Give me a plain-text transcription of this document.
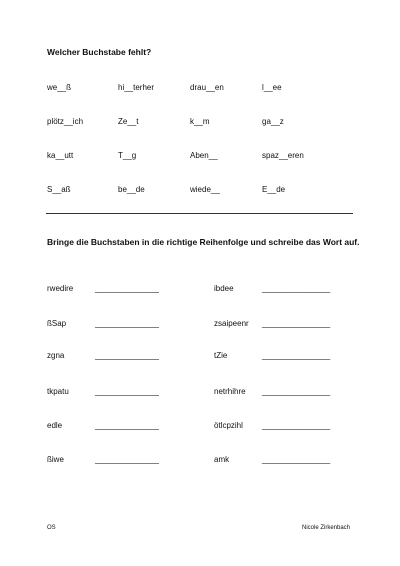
Welcher Buchstabe fehlt?
we__ß	hi__terher	drau__en	l__ee
plötz__ich	Ze__t	k__m	ga__z
ka__utt	T__g	Aben__	spaz__eren
S__aß	be__de	wiede__	E__de
Bringe die Buchstaben in die richtige Reihenfolge und schreibe das Wort auf.
rwedire	_______________	ibdee	________________
ßSap	_______________	zsaipeenr ________________
zgna	_______________	tZie	________________
tkpatu	_______________	netrhihre ________________
edle	_______________	ötlcpzihl ________________
ßiwe	_______________	amk	________________
OS	Nicole Zirkenbach
